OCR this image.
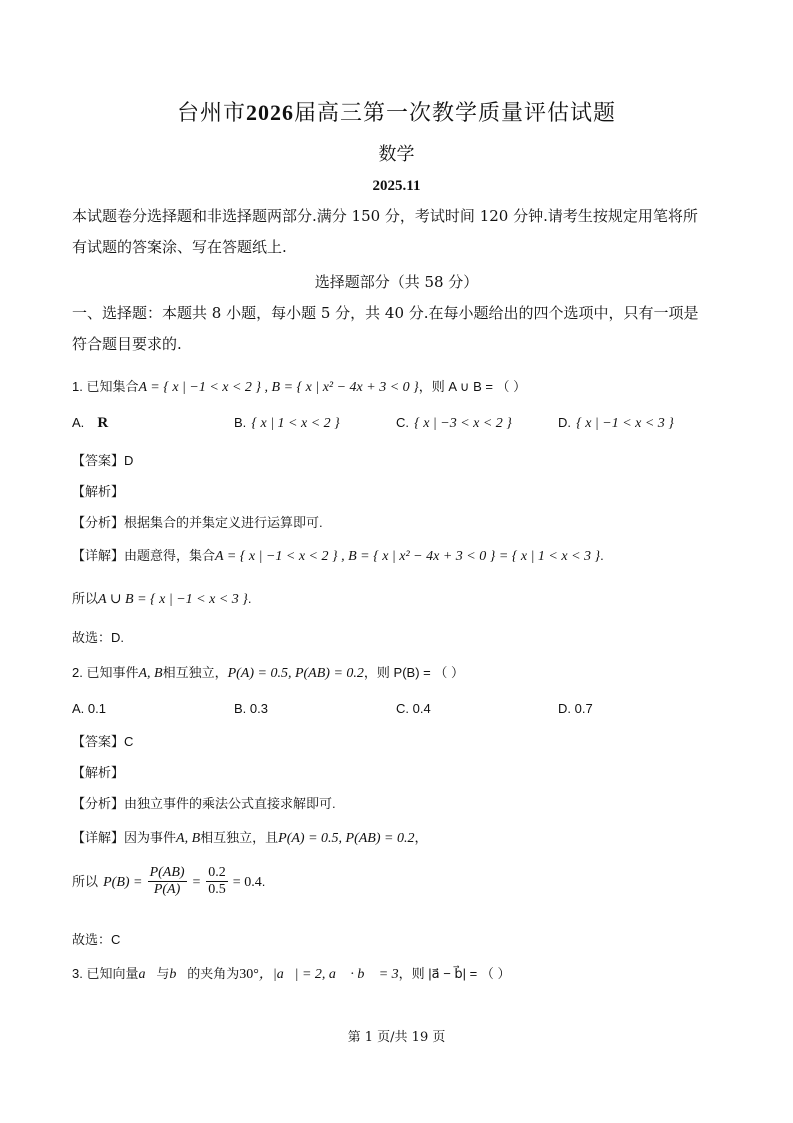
台州市2026届高三第一次教学质量评估试题
数学
2025.11
本试题卷分选择题和非选择题两部分.满分 150 分，考试时间 120 分钟.请考生按规定用笔将所
有试题的答案涂、写在答题纸上.
选择题部分（共 58 分）
一、选择题：本题共 8 小题，每小题 5 分，共 40 分.在每小题给出的四个选项中，只有一项是
符合题目要求的.
1. 已知集合A = { x | −1 < x < 2 } , B = { x | x² − 4x + 3 < 0 }，则 A ∪ B = （ ）
A. R	B. { x | 1 < x < 2 }	C. { x | −3 < x < 2 }	D. { x | −1 < x < 3 }
【答案】D
【解析】
【分析】根据集合的并集定义进行运算即可.
【详解】由题意得，集合A = { x | −1 < x < 2 } , B = { x | x² − 4x + 3 < 0 } = { x | 1 < x < 3 }.
所以A ∪ B = { x | −1 < x < 3 }.
故选：D.
2. 已知事件A, B相互独立，P(A) = 0.5, P(AB) = 0.2，则 P(B) = （ ）
A. 0.1	B. 0.3	C. 0.4	D. 0.7
【答案】C
【解析】
【分析】由独立事件的乘法公式直接求解即可.
【详解】因为事件A, B相互独立，且P(A) = 0.5, P(AB) = 0.2，
所以 $P(B) = \frac{P(AB)}{P(A)} = \frac{0.2}{0.5} = 0.4$.
故选：C
3. 已知向量a⃗与b⃗的夹角为30°，|a⃗| = 2, a⃗ · b⃗ = 3，则 |a⃗ − b⃗| = （ ）
第 1 页/共 19 页
